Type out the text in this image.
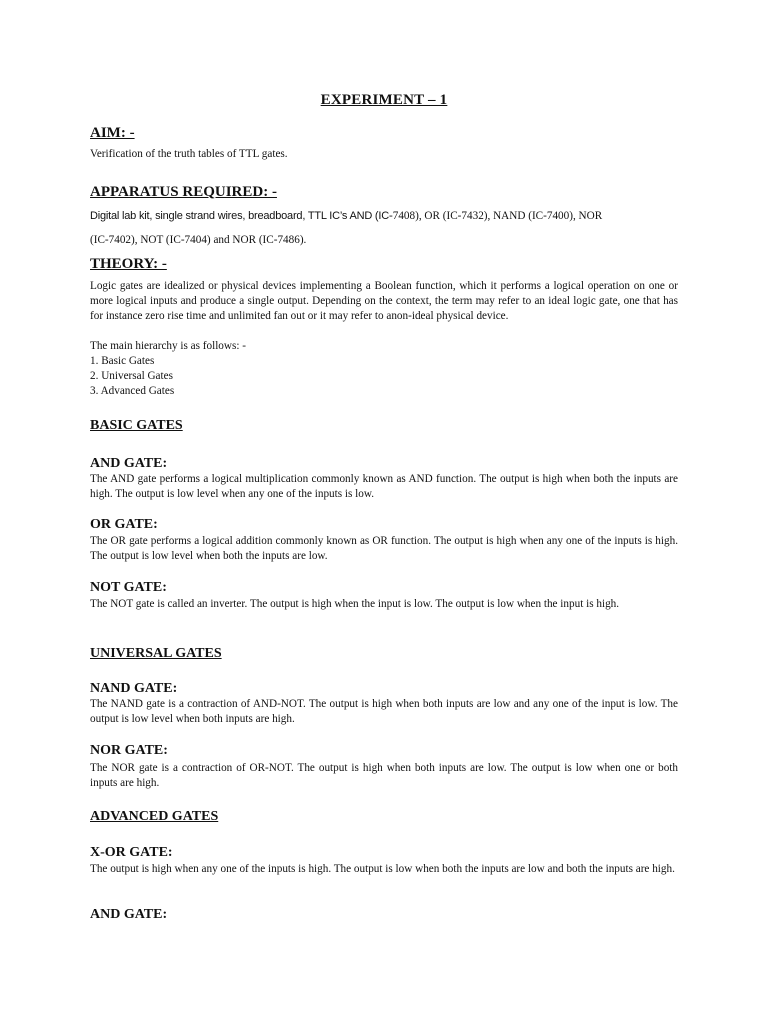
EXPERIMENT – 1
AIM: -
Verification of the truth tables of TTL gates.
APPARATUS REQUIRED: -
Digital lab kit, single strand wires, breadboard, TTL IC’s AND (IC-7408), OR (IC-7432), NAND (IC-7400), NOR
(IC-7402), NOT (IC-7404) and NOR (IC-7486).
THEORY: -
Logic gates are idealized or physical devices implementing a Boolean function, which it performs a logical operation on one or more logical inputs and produce a single output. Depending on the context, the term may refer to an ideal logic gate, one that has for instance zero rise time and unlimited fan out or it may refer to anon-ideal physical device.
The main hierarchy is as follows: -
1. Basic Gates
2. Universal Gates
3. Advanced Gates
BASIC GATES
AND GATE:
The AND gate performs a logical multiplication commonly known as AND function. The output is high when both the inputs are high. The output is low level when any one of the inputs is low.
OR GATE:
The OR gate performs a logical addition commonly known as OR function. The output is high when any one of the inputs is high. The output is low level when both the inputs are low.
NOT GATE:
The NOT gate is called an inverter. The output is high when the input is low. The output is low when the input is high.
UNIVERSAL GATES
NAND GATE:
The NAND gate is a contraction of AND-NOT. The output is high when both inputs are low and any one of the input is low. The output is low level when both inputs are high.
NOR GATE:
The NOR gate is a contraction of OR-NOT. The output is high when both inputs are low. The output is low when one or both inputs are high.
ADVANCED GATES
X-OR GATE:
The output is high when any one of the inputs is high. The output is low when both the inputs are low and both the inputs are high.
AND GATE:
